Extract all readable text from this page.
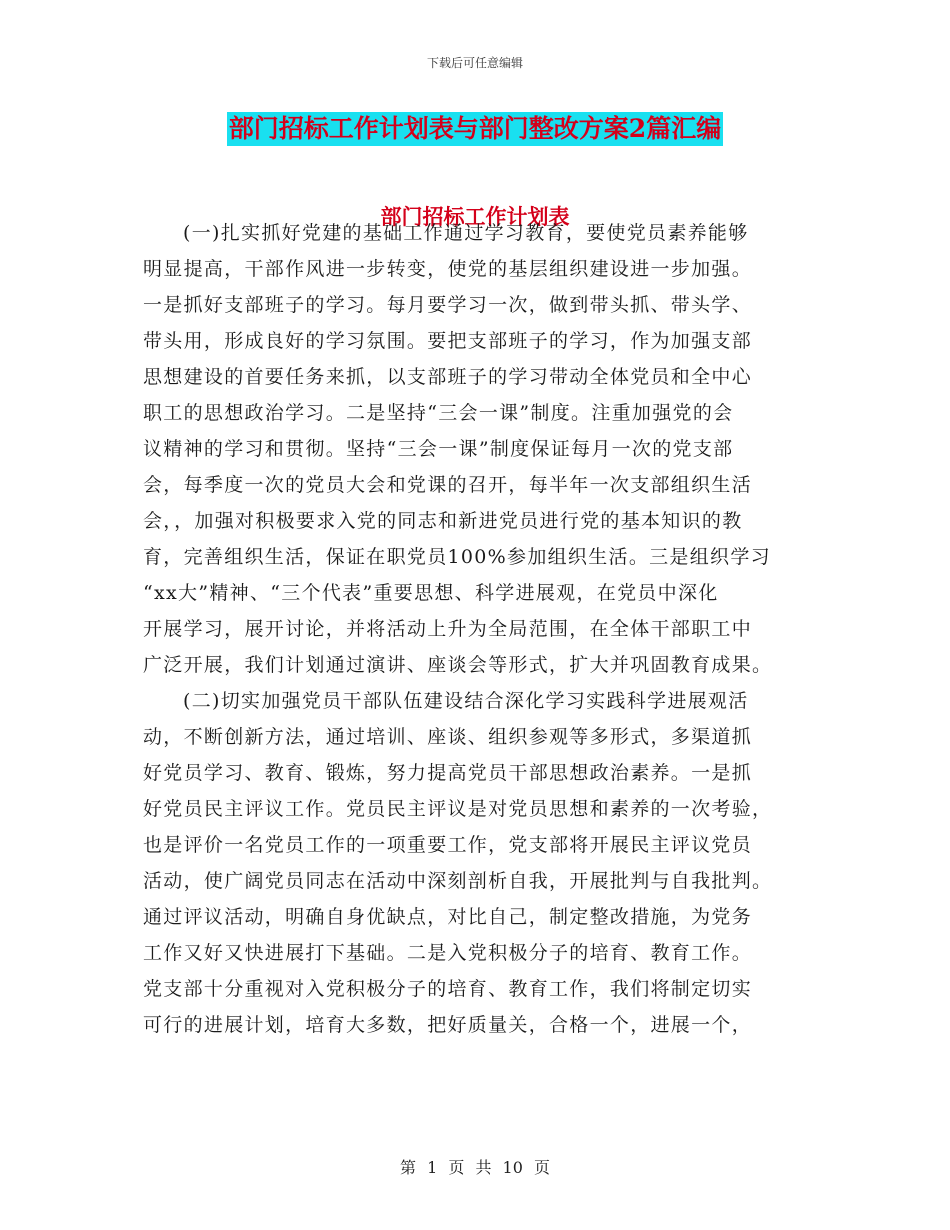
下载后可任意编辑
部门招标工作计划表与部门整改方案2篇汇编
部门招标工作计划表
(一)扎实抓好党建的基础工作通过学习教育，要使党员素养能够
明显提高，干部作风进一步转变，使党的基层组织建设进一步加强。
一是抓好支部班子的学习。每月要学习一次，做到带头抓、带头学、
带头用，形成良好的学习氛围。要把支部班子的学习，作为加强支部
思想建设的首要任务来抓，以支部班子的学习带动全体党员和全中心
职工的思想政治学习。二是坚持“三会一课”制度。注重加强党的会
议精神的学习和贯彻。坚持“三会一课”制度保证每月一次的党支部
会，每季度一次的党员大会和党课的召开，每半年一次支部组织生活
会，，加强对积极要求入党的同志和新进党员进行党的基本知识的教
育，完善组织生活，保证在职党员100%参加组织生活。三是组织学习
“xx大”精神、“三个代表”重要思想、科学进展观，在党员中深化
开展学习，展开讨论，并将活动上升为全局范围，在全体干部职工中
广泛开展，我们计划通过演讲、座谈会等形式，扩大并巩固教育成果。
(二)切实加强党员干部队伍建设结合深化学习实践科学进展观活
动，不断创新方法，通过培训、座谈、组织参观等多形式，多渠道抓
好党员学习、教育、锻炼，努力提高党员干部思想政治素养。一是抓
好党员民主评议工作。党员民主评议是对党员思想和素养的一次考验，
也是评价一名党员工作的一项重要工作，党支部将开展民主评议党员
活动，使广阔党员同志在活动中深刻剖析自我，开展批判与自我批判。
通过评议活动，明确自身优缺点，对比自己，制定整改措施，为党务
工作又好又快进展打下基础。二是入党积极分子的培育、教育工作。
党支部十分重视对入党积极分子的培育、教育工作，我们将制定切实
可行的进展计划，培育大多数，把好质量关，合格一个，进展一个，
第 1 页 共 10 页
